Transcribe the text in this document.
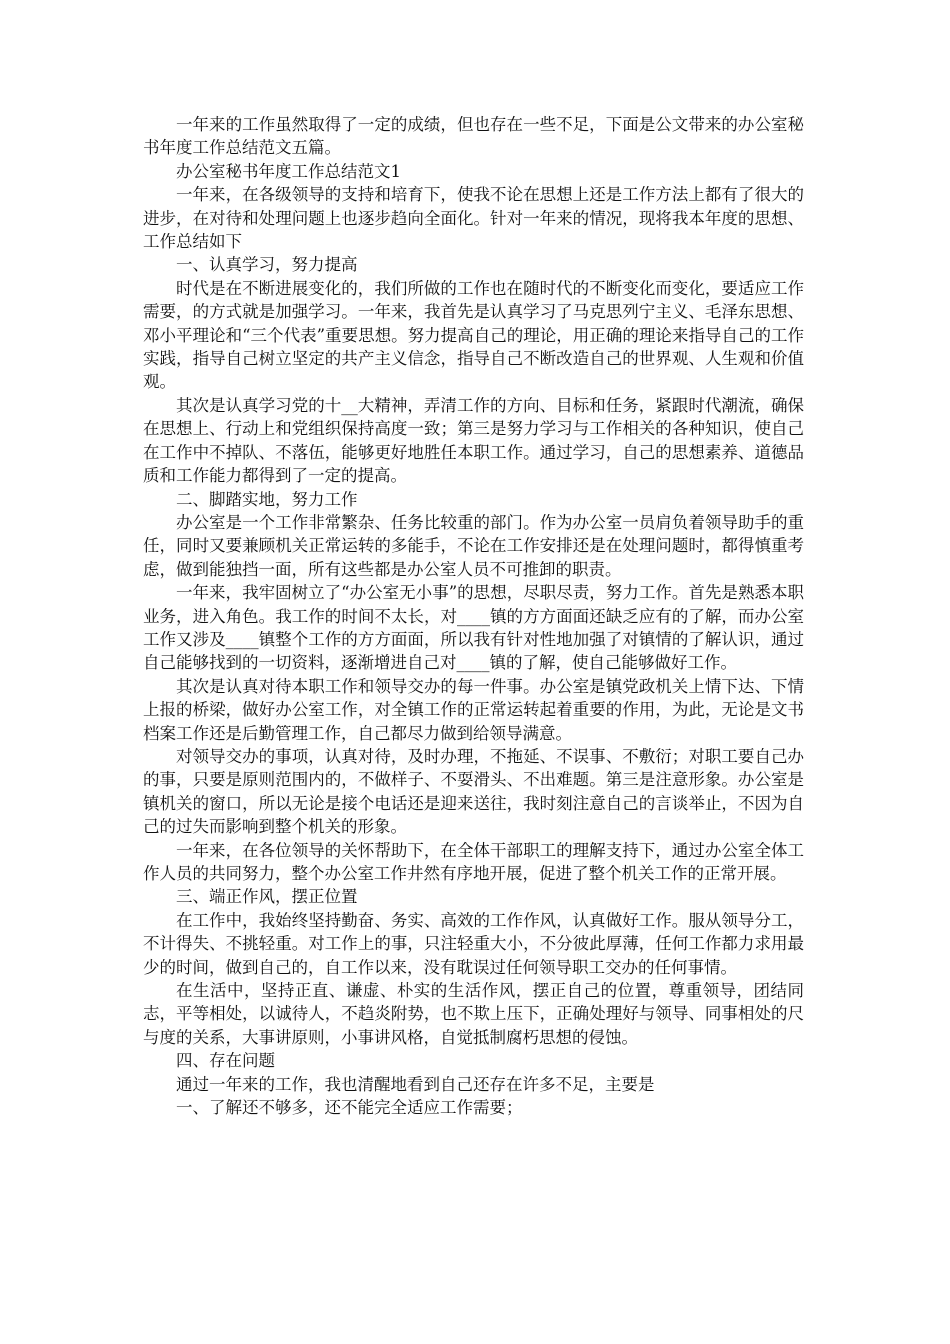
一年来的工作虽然取得了一定的成绩，但也存在一些不足，下面是公文带来的办公室秘书年度工作总结范文五篇。

办公室秘书年度工作总结范文1

一年来，在各级领导的支持和培育下，使我不论在思想上还是工作方法上都有了很大的进步，在对待和处理问题上也逐步趋向全面化。针对一年来的情况，现将我本年度的思想、工作总结如下

一、认真学习，努力提高

时代是在不断进展变化的，我们所做的工作也在随时代的不断变化而变化，要适应工作需要，的方式就是加强学习。一年来，我首先是认真学习了马克思列宁主义、毛泽东思想、邓小平理论和“三个代表”重要思想。努力提高自己的理论，用正确的理论来指导自己的工作实践，指导自己树立坚定的共产主义信念，指导自己不断改造自己的世界观、人生观和价值观。

其次是认真学习党的十__大精神，弄清工作的方向、目标和任务，紧跟时代潮流，确保在思想上、行动上和党组织保持高度一致；第三是努力学习与工作相关的各种知识，使自己在工作中不掉队、不落伍，能够更好地胜任本职工作。通过学习，自己的思想素养、道德品质和工作能力都得到了一定的提高。

二、脚踏实地，努力工作

办公室是一个工作非常繁杂、任务比较重的部门。作为办公室一员肩负着领导助手的重任，同时又要兼顾机关正常运转的多能手，不论在工作安排还是在处理问题时，都得慎重考虑，做到能独挡一面，所有这些都是办公室人员不可推卸的职责。

一年来，我牢固树立了“办公室无小事”的思想，尽职尽责，努力工作。首先是熟悉本职业务，进入角色。我工作的时间不太长，对____镇的方方面面还缺乏应有的了解，而办公室工作又涉及____镇整个工作的方方面面，所以我有针对性地加强了对镇情的了解认识，通过自己能够找到的一切资料，逐渐增进自己对____镇的了解，使自己能够做好工作。

其次是认真对待本职工作和领导交办的每一件事。办公室是镇党政机关上情下达、下情上报的桥梁，做好办公室工作，对全镇工作的正常运转起着重要的作用，为此，无论是文书档案工作还是后勤管理工作，自己都尽力做到给领导满意。

对领导交办的事项，认真对待，及时办理，不拖延、不误事、不敷衍；对职工要自己办的事，只要是原则范围内的，不做样子、不耍滑头、不出难题。第三是注意形象。办公室是镇机关的窗口，所以无论是接个电话还是迎来送往，我时刻注意自己的言谈举止，不因为自己的过失而影响到整个机关的形象。

一年来，在各位领导的关怀帮助下，在全体干部职工的理解支持下，通过办公室全体工作人员的共同努力，整个办公室工作井然有序地开展，促进了整个机关工作的正常开展。

三、端正作风，摆正位置

在工作中，我始终坚持勤奋、务实、高效的工作作风，认真做好工作。服从领导分工，不计得失、不挑轻重。对工作上的事，只注轻重大小，不分彼此厚薄，任何工作都力求用最少的时间，做到自己的，自工作以来，没有耽误过任何领导职工交办的任何事情。

在生活中，坚持正直、谦虚、朴实的生活作风，摆正自己的位置，尊重领导，团结同志，平等相处，以诚待人，不趋炎附势，也不欺上压下，正确处理好与领导、同事相处的尺与度的关系，大事讲原则，小事讲风格，自觉抵制腐朽思想的侵蚀。

四、存在问题

通过一年来的工作，我也清醒地看到自己还存在许多不足，主要是

一、了解还不够多，还不能完全适应工作需要；
